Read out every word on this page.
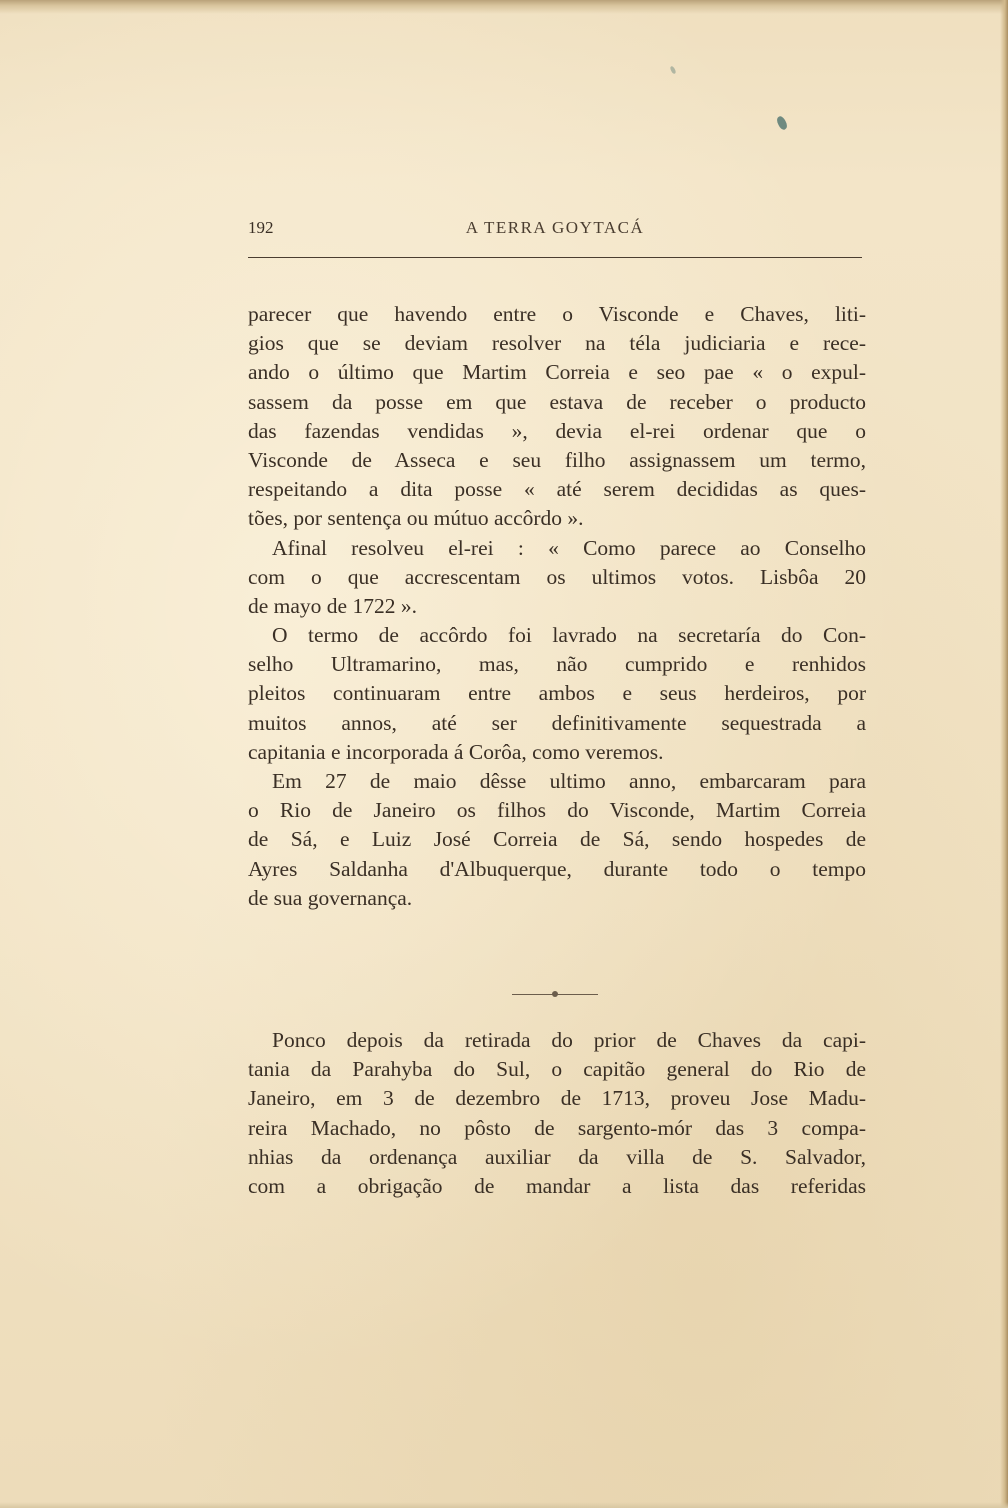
192	A TERRA GOYTACÁ
parecer que havendo entre o Visconde e Chaves, liti-
gios que se deviam resolver na téla judiciaria e rece-
ando o último que Martim Correia e seo pae « o expul-
sassem da posse em que estava de receber o producto
das fazendas vendidas », devia el-rei ordenar que o
Visconde de Asseca e seu filho assignassem um termo,
respeitando a dita posse « até serem decididas as ques-
tões, por sentença ou mútuo accôrdo ».
Afinal resolveu el-rei : « Como parece ao Conselho
com o que accrescentam os ultimos votos. Lisbôa 20
de mayo de 1722 ».
O termo de accôrdo foi lavrado na secretaría do Con-
selho Ultramarino, mas, não cumprido e renhidos
pleitos continuaram entre ambos e seus herdeiros, por
muitos annos, até ser definitivamente sequestrada a
capitania e incorporada á Corôa, como veremos.
Em 27 de maio dêsse ultimo anno, embarcaram para
o Rio de Janeiro os filhos do Visconde, Martim Correia
de Sá, e Luiz José Correia de Sá, sendo hospedes de
Ayres Saldanha d'Albuquerque, durante todo o tempo
de sua governança.
Ponco depois da retirada do prior de Chaves da capi-
tania da Parahyba do Sul, o capitão general do Rio de
Janeiro, em 3 de dezembro de 1713, proveu Jose Madu-
reira Machado, no pôsto de sargento-mór das 3 compa-
nhias da ordenança auxiliar da villa de S. Salvador,
com a obrigação de mandar a lista das referidas
